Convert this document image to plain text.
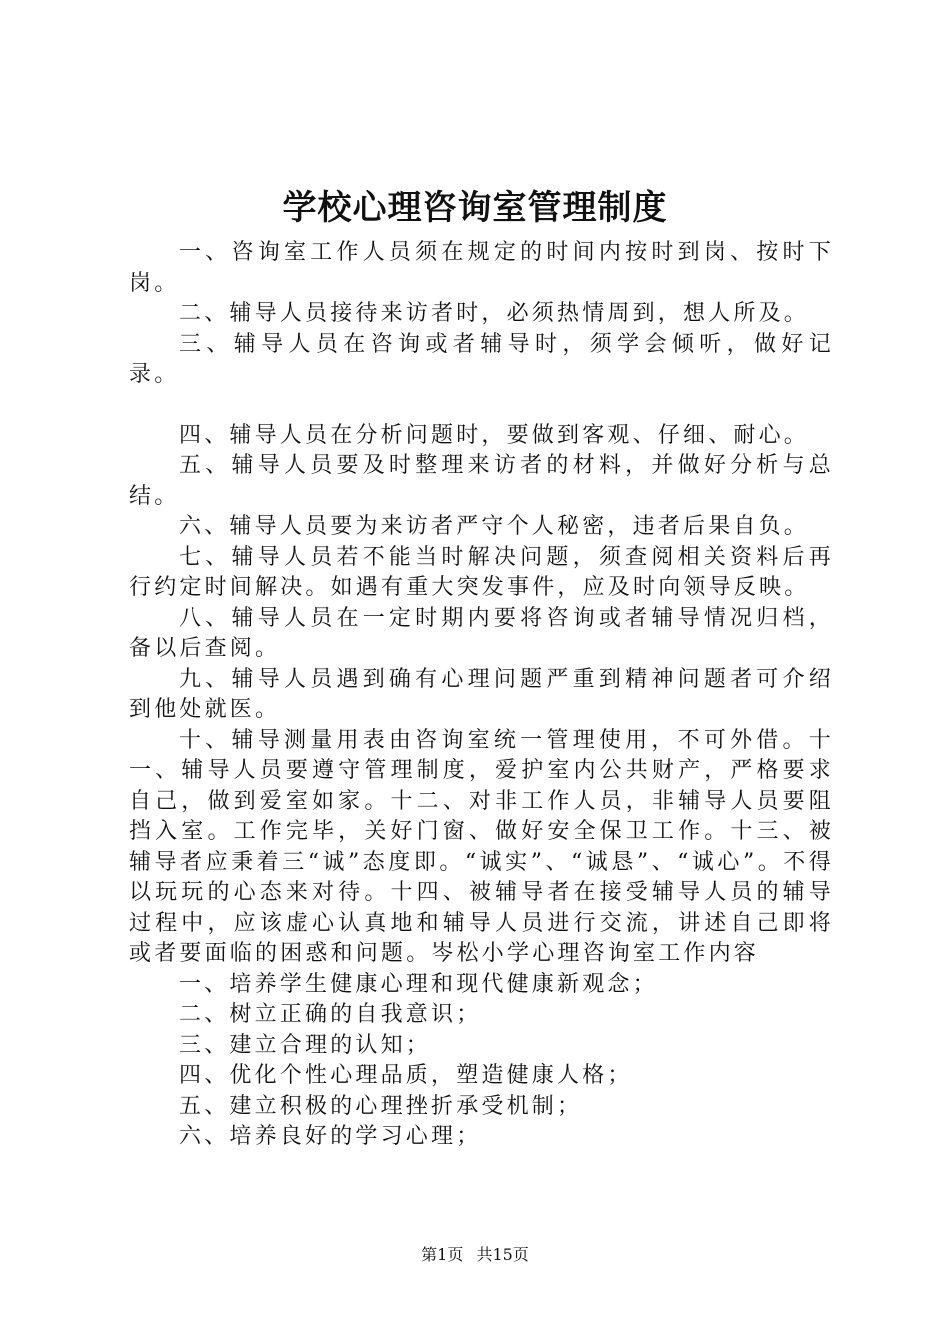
学校心理咨询室管理制度

一、咨询室工作人员须在规定的时间内按时到岗、按时下岗。

二、辅导人员接待来访者时，必须热情周到，想人所及。

三、辅导人员在咨询或者辅导时，须学会倾听，做好记录。

四、辅导人员在分析问题时，要做到客观、仔细、耐心。

五、辅导人员要及时整理来访者的材料，并做好分析与总结。

六、辅导人员要为来访者严守个人秘密，违者后果自负。

七、辅导人员若不能当时解决问题，须查阅相关资料后再行约定时间解决。如遇有重大突发事件，应及时向领导反映。

八、辅导人员在一定时期内要将咨询或者辅导情况归档，备以后查阅。

九、辅导人员遇到确有心理问题严重到精神问题者可介绍到他处就医。

十、辅导测量用表由咨询室统一管理使用，不可外借。十一、辅导人员要遵守管理制度，爱护室内公共财产，严格要求自己，做到爱室如家。十二、对非工作人员，非辅导人员要阻挡入室。工作完毕，关好门窗、做好安全保卫工作。十三、被辅导者应秉着三“诚”态度即。“诚实”、“诚恳”、“诚心”。不得以玩玩的心态来对待。十四、被辅导者在接受辅导人员的辅导过程中，应该虚心认真地和辅导人员进行交流，讲述自己即将或者要面临的困惑和问题。岑松小学心理咨询室工作内容

一、培养学生健康心理和现代健康新观念；

二、树立正确的自我意识；

三、建立合理的认知；

四、优化个性心理品质，塑造健康人格；

五、建立积极的心理挫折承受机制；

六、培养良好的学习心理；

第1页 共15页
